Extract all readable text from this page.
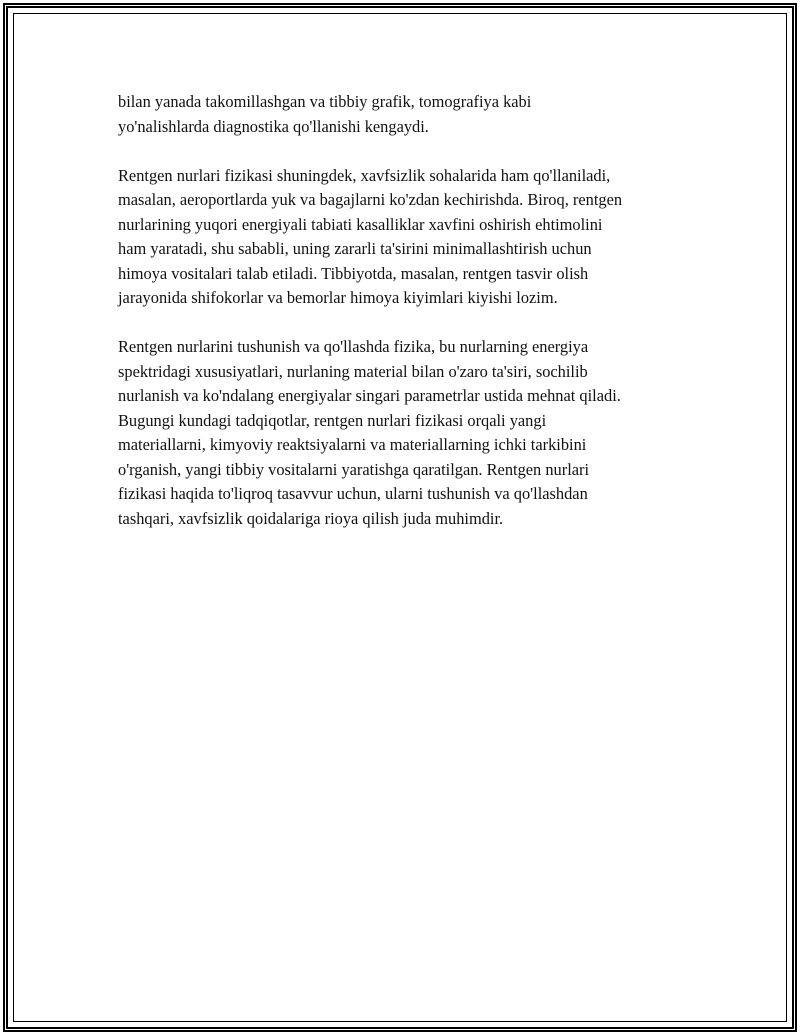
bilan yanada takomillashgan va tibbiy grafik, tomografiya kabi
yo'nalishlarda diagnostika qo'llanishi kengaydi.

Rentgen nurlari fizikasi shuningdek, xavfsizlik sohalarida ham qo'llaniladi,
masalan, aeroportlarda yuk va bagajlarni ko'zdan kechirishda. Biroq, rentgen
nurlarining yuqori energiyali tabiati kasalliklar xavfini oshirish ehtimolini
ham yaratadi, shu sababli, uning zararli ta'sirini minimallashtirish uchun
himoya vositalari talab etiladi. Tibbiyotda, masalan, rentgen tasvir olish
jarayonida shifokorlar va bemorlar himoya kiyimlari kiyishi lozim.

Rentgen nurlarini tushunish va qo'llashda fizika, bu nurlarning energiya
spektridagi xususiyatlari, nurlaning material bilan o'zaro ta'siri, sochilib
nurlanish va ko'ndalang energiyalar singari parametrlar ustida mehnat qiladi.
Bugungi kundagi tadqiqotlar, rentgen nurlari fizikasi orqali yangi
materiallarni, kimyoviy reaktsiyalarni va materiallarning ichki tarkibini
o'rganish, yangi tibbiy vositalarni yaratishga qaratilgan. Rentgen nurlari
fizikasi haqida to'liqroq tasavvur uchun, ularni tushunish va qo'llashdan
tashqari, xavfsizlik qoidalariga rioya qilish juda muhimdir.
